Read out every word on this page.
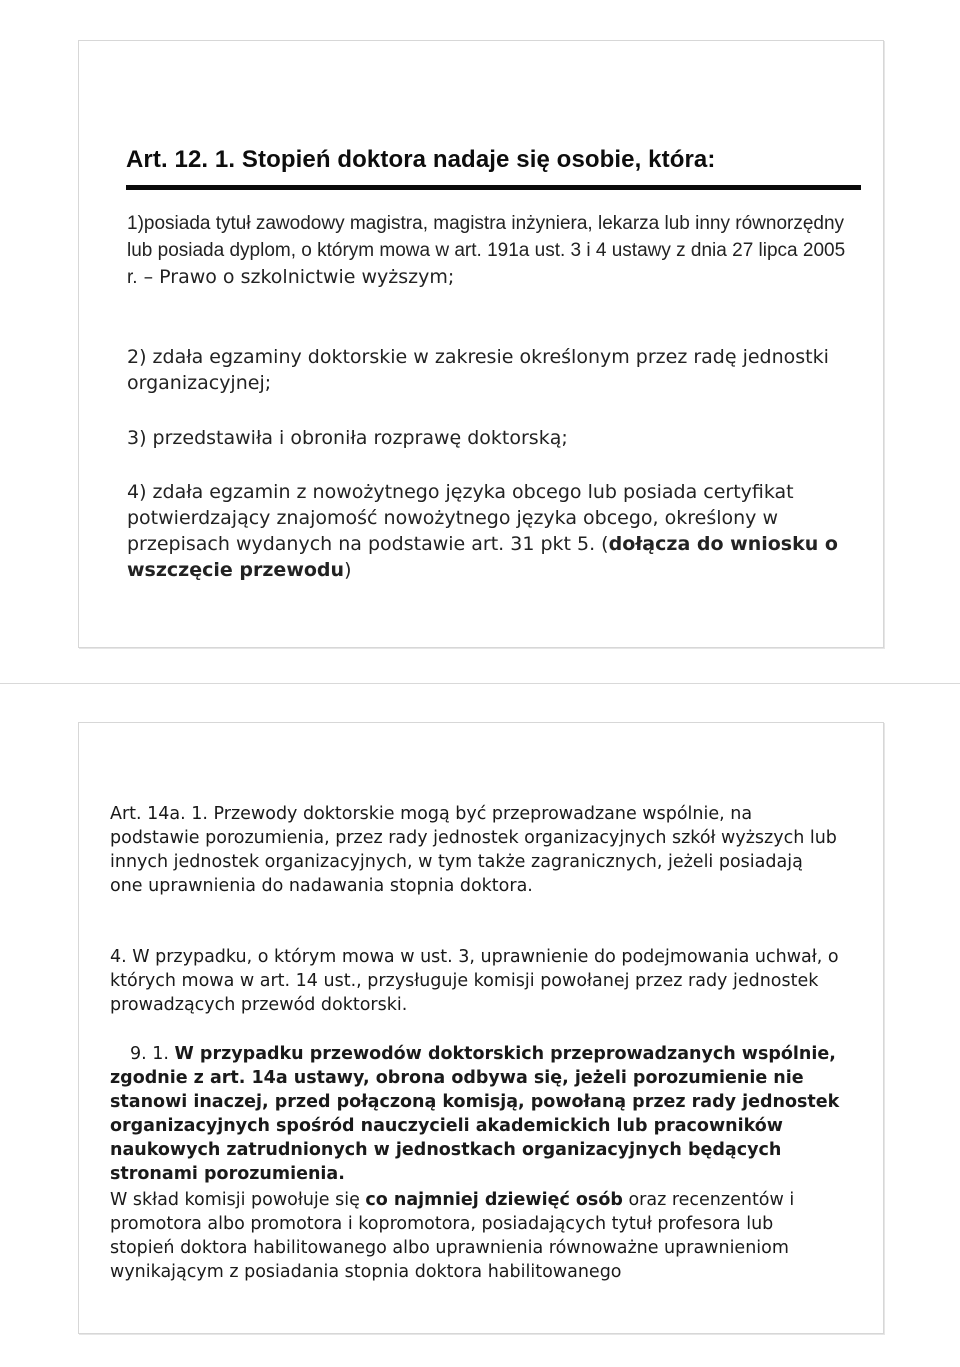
Art. 12. 1. Stopień doktora nadaje się osobie, która:
1)posiada tytuł zawodowy magistra, magistra inżyniera, lekarza lub inny równorzędny lub posiada dyplom, o którym mowa w art. 191a ust. 3 i 4 ustawy z dnia 27 lipca 2005 r. – Prawo o szkolnictwie wyższym;
2) zdała egzaminy doktorskie w zakresie określonym przez radę jednostki organizacyjnej;
3) przedstawiła i obroniła rozprawę doktorską;
4) zdała egzamin z nowożytnego języka obcego lub posiada certyfikat potwierdzający znajomość nowożytnego języka obcego, określony w przepisach wydanych na podstawie art. 31 pkt 5. (dołącza do wniosku o wszczęcie przewodu)
Art. 14a. 1. Przewody doktorskie mogą być przeprowadzane wspólnie, na podstawie porozumienia, przez rady jednostek organizacyjnych szkół wyższych lub innych jednostek organizacyjnych, w tym także zagranicznych, jeżeli posiadają one uprawnienia do nadawania stopnia doktora.
4. W przypadku, o którym mowa w ust. 3, uprawnienie do podejmowania uchwał, o których mowa w art. 14 ust., przysługuje komisji powołanej przez rady jednostek prowadzących przewód doktorski.
9. 1. W przypadku przewodów doktorskich przeprowadzanych wspólnie, zgodnie z art. 14a ustawy, obrona odbywa się, jeżeli porozumienie nie stanowi inaczej, przed połączoną komisją, powołaną przez rady jednostek organizacyjnych spośród nauczycieli akademickich lub pracowników naukowych zatrudnionych w jednostkach organizacyjnych będących stronami porozumienia.
W skład komisji powołuje się co najmniej dziewięć osób oraz recenzentów i promotora albo promotora i kopromotora, posiadających tytuł profesora lub stopień doktora habilitowanego albo uprawnienia równoważne uprawnieniom wynikającym z posiadania stopnia doktora habilitowanego
